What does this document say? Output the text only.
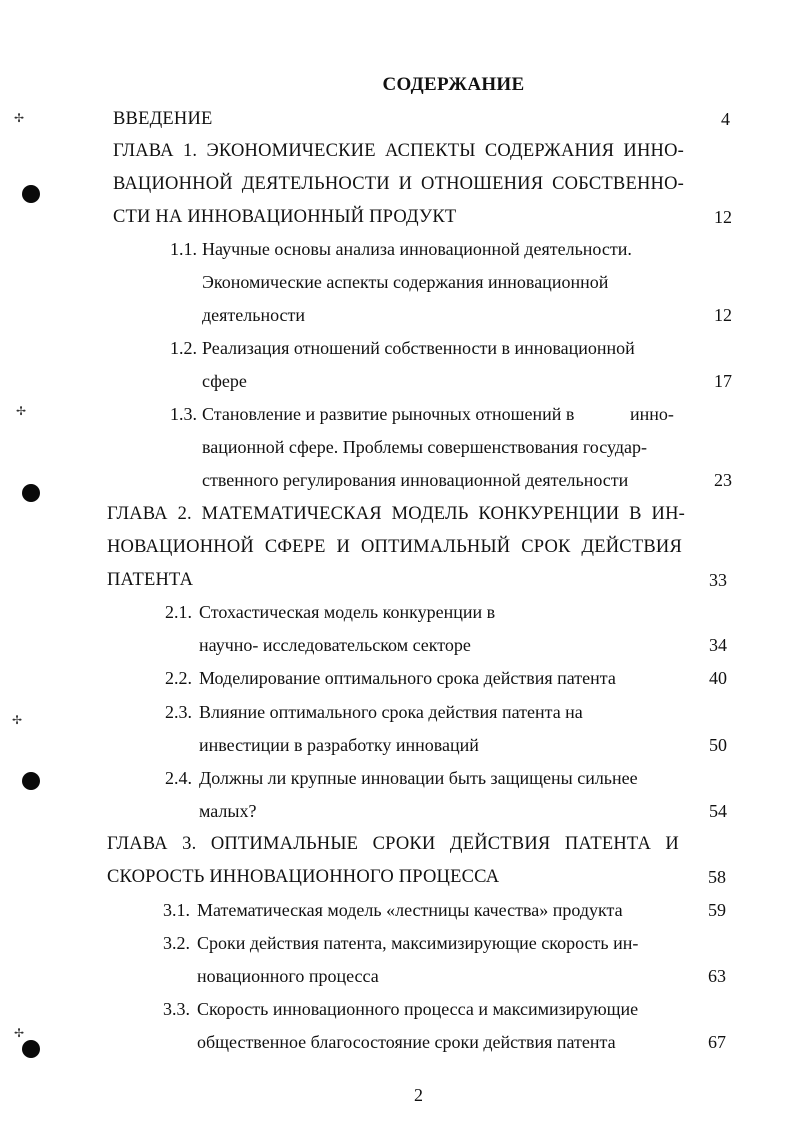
✢
✢
✢
✢
СОДЕРЖАНИЕ
ВВЕДЕНИЕ	4
ГЛАВА 1. ЭКОНОМИЧЕСКИЕ АСПЕКТЫ СОДЕРЖАНИЯ ИННО-
ВАЦИОННОЙ ДЕЯТЕЛЬНОСТИ И ОТНОШЕНИЯ СОБСТВЕННО-
СТИ НА ИННОВАЦИОННЫЙ ПРОДУКТ	12
1.1. Научные основы анализа инновационной деятельности.
Экономические аспекты содержания инновационной
деятельности	12
1.2. Реализация отношений собственности в инновационной
сфере	17
1.3. Становление и развитие рыночных отношений в	инно-
вационной сфере. Проблемы совершенствования государ-
ственного регулирования инновационной деятельности	23
ГЛАВА 2. МАТЕМАТИЧЕСКАЯ МОДЕЛЬ КОНКУРЕНЦИИ В ИН-
НОВАЦИОННОЙ СФЕРЕ И ОПТИМАЛЬНЫЙ СРОК ДЕЙСТВИЯ
ПАТЕНТА	33
2.1. Стохастическая модель конкуренции в
научно- исследовательском секторе	34
2.2. Моделирование оптимального срока действия патента	40
2.3. Влияние оптимального срока действия патента на
инвестиции в разработку инноваций	50
2.4. Должны ли крупные инновации быть защищены сильнее
малых?	54
ГЛАВА 3. ОПТИМАЛЬНЫЕ СРОКИ ДЕЙСТВИЯ ПАТЕНТА И
СКОРОСТЬ ИННОВАЦИОННОГО ПРОЦЕССА	58
3.1. Математическая модель «лестницы качества» продукта	59
3.2. Сроки действия патента, максимизирующие скорость ин-
новационного процесса	63
3.3. Скорость инновационного процесса и максимизирующие
общественное благосостояние сроки действия патента	67
2
